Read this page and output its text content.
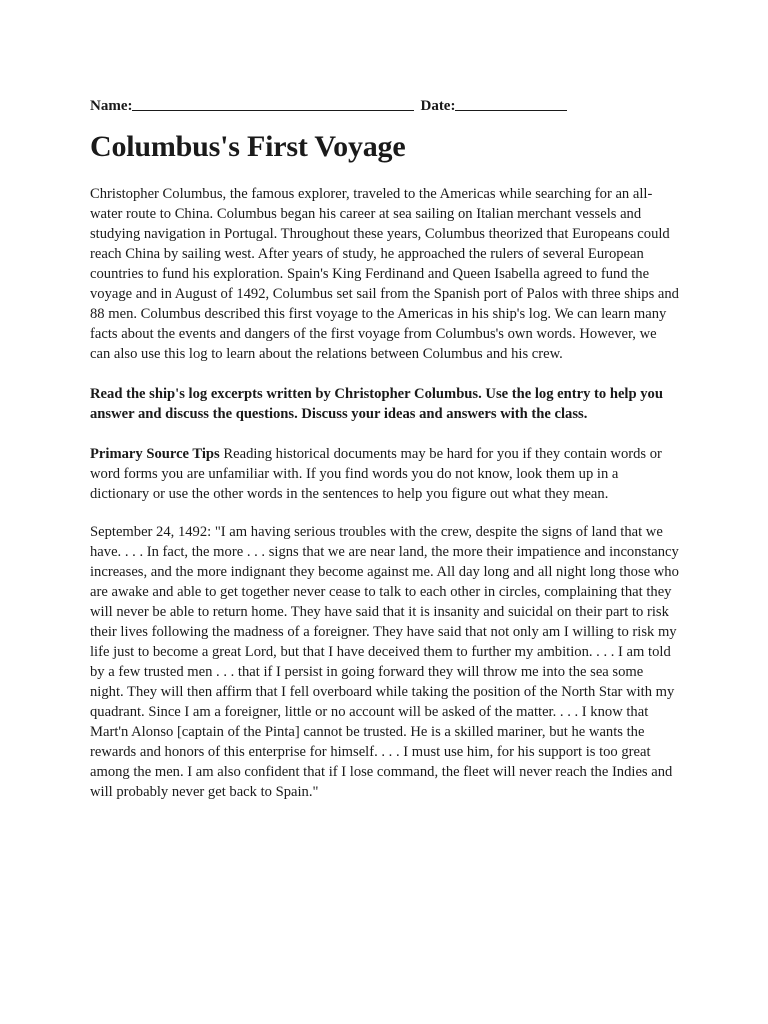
Name:	Date:
Columbus's First Voyage

Christopher Columbus, the famous explorer, traveled to the Americas while searching for an all-water route to China. Columbus began his career at sea sailing on Italian merchant vessels and studying navigation in Portugal. Throughout these years, Columbus theorized that Europeans could reach China by sailing west. After years of study, he approached the rulers of several European countries to fund his exploration. Spain's King Ferdinand and Queen Isabella agreed to fund the voyage and in August of 1492, Columbus set sail from the Spanish port of Palos with three ships and 88 men. Columbus described this first voyage to the Americas in his ship's log. We can learn many facts about the events and dangers of the first voyage from Columbus's own words. However, we can also use this log to learn about the relations between Columbus and his crew.

Read the ship's log excerpts written by Christopher Columbus. Use the log entry to help you answer and discuss the questions. Discuss your ideas and answers with the class.

Primary Source Tips Reading historical documents may be hard for you if they contain words or word forms you are unfamiliar with. If you find words you do not know, look them up in a dictionary or use the other words in the sentences to help you figure out what they mean.

September 24, 1492: "I am having serious troubles with the crew, despite the signs of land that we have. . . . In fact, the more . . . signs that we are near land, the more their impatience and inconstancy increases, and the more indignant they become against me. All day long and all night long those who are awake and able to get together never cease to talk to each other in circles, complaining that they will never be able to return home. They have said that it is insanity and suicidal on their part to risk their lives following the madness of a foreigner. They have said that not only am I willing to risk my life just to become a great Lord, but that I have deceived them to further my ambition. . . . I am told by a few trusted men . . . that if I persist in going forward they will throw me into the sea some night. They will then affirm that I fell overboard while taking the position of the North Star with my quadrant. Since I am a foreigner, little or no account will be asked of the matter. . . . I know that Mart'n Alonso [captain of the Pinta] cannot be trusted. He is a skilled mariner, but he wants the rewards and honors of this enterprise for himself. . . . I must use him, for his support is too great among the men. I am also confident that if I lose command, the fleet will never reach the Indies and will probably never get back to Spain."
